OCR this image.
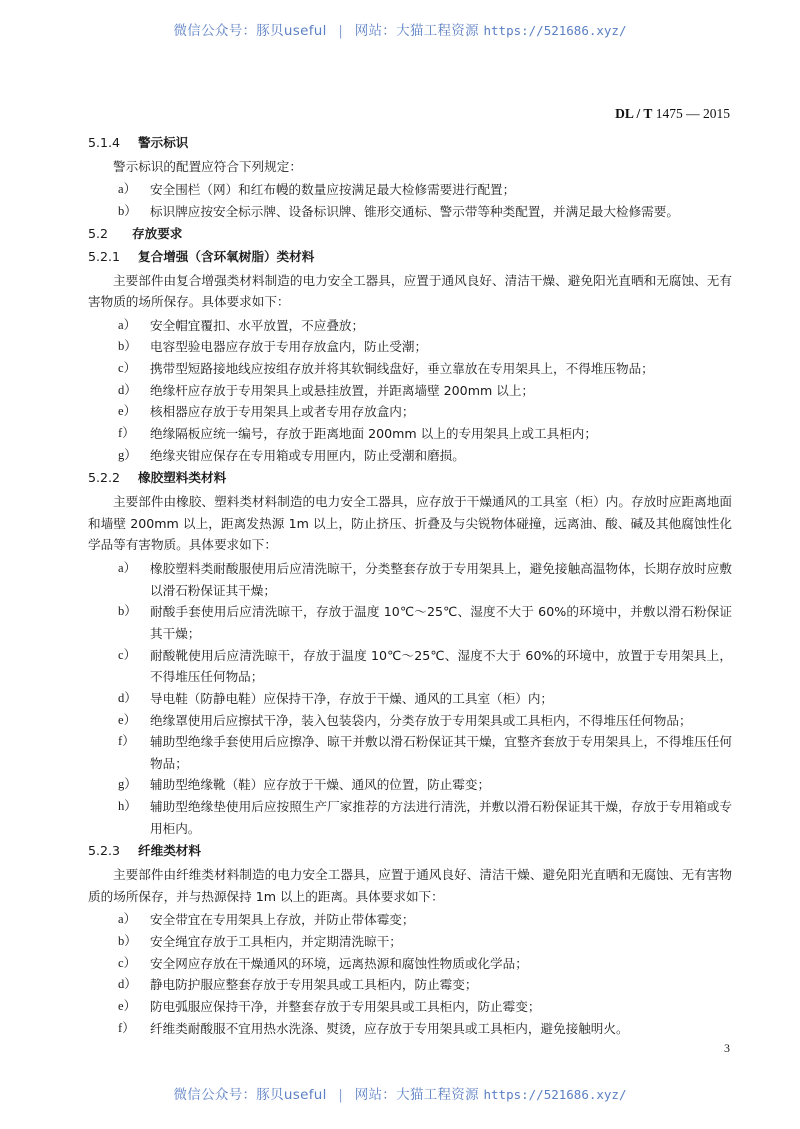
微信公众号：豚贝useful | 网站：大猫工程资源 https://521686.xyz/
DL / T 1475 — 2015
5.1.4 警示标识

警示标识的配置应符合下列规定：

a）	安全围栏（网）和红布幔的数量应按满足最大检修需要进行配置；
b）	标识牌应按安全标示牌、设备标识牌、锥形交通标、警示带等种类配置，并满足最大检修需要。
5.2 存放要求
5.2.1 复合增强（含环氧树脂）类材料

主要部件由复合增强类材料制造的电力安全工器具，应置于通风良好、清洁干燥、避免阳光直晒和无腐蚀、无有害物质的场所保存。具体要求如下：

a）	安全帽宜覆扣、水平放置，不应叠放；
b）	电容型验电器应存放于专用存放盒内，防止受潮；
c）	携带型短路接地线应按组存放并将其软铜线盘好，垂立靠放在专用架具上，不得堆压物品；
d）	绝缘杆应存放于专用架具上或悬挂放置，并距离墙壁 200mm 以上；
e）	核相器应存放于专用架具上或者专用存放盒内；
f）	绝缘隔板应统一编号，存放于距离地面 200mm 以上的专用架具上或工具柜内；
g）	绝缘夹钳应保存在专用箱或专用匣内，防止受潮和磨损。
5.2.2 橡胶塑料类材料

主要部件由橡胶、塑料类材料制造的电力安全工器具，应存放于干燥通风的工具室（柜）内。存放时应距离地面和墙壁 200mm 以上，距离发热源 1m 以上，防止挤压、折叠及与尖锐物体碰撞，远离油、酸、碱及其他腐蚀性化学品等有害物质。具体要求如下：

a）	橡胶塑料类耐酸服使用后应清洗晾干，分类整套存放于专用架具上，避免接触高温物体，长期存放时应敷以滑石粉保证其干燥；
b）	耐酸手套使用后应清洗晾干，存放于温度 10℃～25℃、湿度不大于 60%的环境中，并敷以滑石粉保证其干燥；
c）	耐酸靴使用后应清洗晾干，存放于温度 10℃～25℃、湿度不大于 60%的环境中，放置于专用架具上，不得堆压任何物品；
d）	导电鞋（防静电鞋）应保持干净，存放于干燥、通风的工具室（柜）内；
e）	绝缘罩使用后应擦拭干净，装入包装袋内，分类存放于专用架具或工具柜内，不得堆压任何物品；
f）	辅助型绝缘手套使用后应擦净、晾干并敷以滑石粉保证其干燥，宜整齐套放于专用架具上，不得堆压任何物品；
g）	辅助型绝缘靴（鞋）应存放于干燥、通风的位置，防止霉变；
h）	辅助型绝缘垫使用后应按照生产厂家推荐的方法进行清洗，并敷以滑石粉保证其干燥，存放于专用箱或专用柜内。
5.2.3 纤维类材料

主要部件由纤维类材料制造的电力安全工器具，应置于通风良好、清洁干燥、避免阳光直晒和无腐蚀、无有害物质的场所保存，并与热源保持 1m 以上的距离。具体要求如下：

a）	安全带宜在专用架具上存放，并防止带体霉变；
b）	安全绳宜存放于工具柜内，并定期清洗晾干；
c）	安全网应存放在干燥通风的环境，远离热源和腐蚀性物质或化学品；
d）	静电防护服应整套存放于专用架具或工具柜内，防止霉变；
e）	防电弧服应保持干净，并整套存放于专用架具或工具柜内，防止霉变；
f）	纤维类耐酸服不宜用热水洗涤、熨烫，应存放于专用架具或工具柜内，避免接触明火。
3
微信公众号：豚贝useful | 网站：大猫工程资源 https://521686.xyz/
